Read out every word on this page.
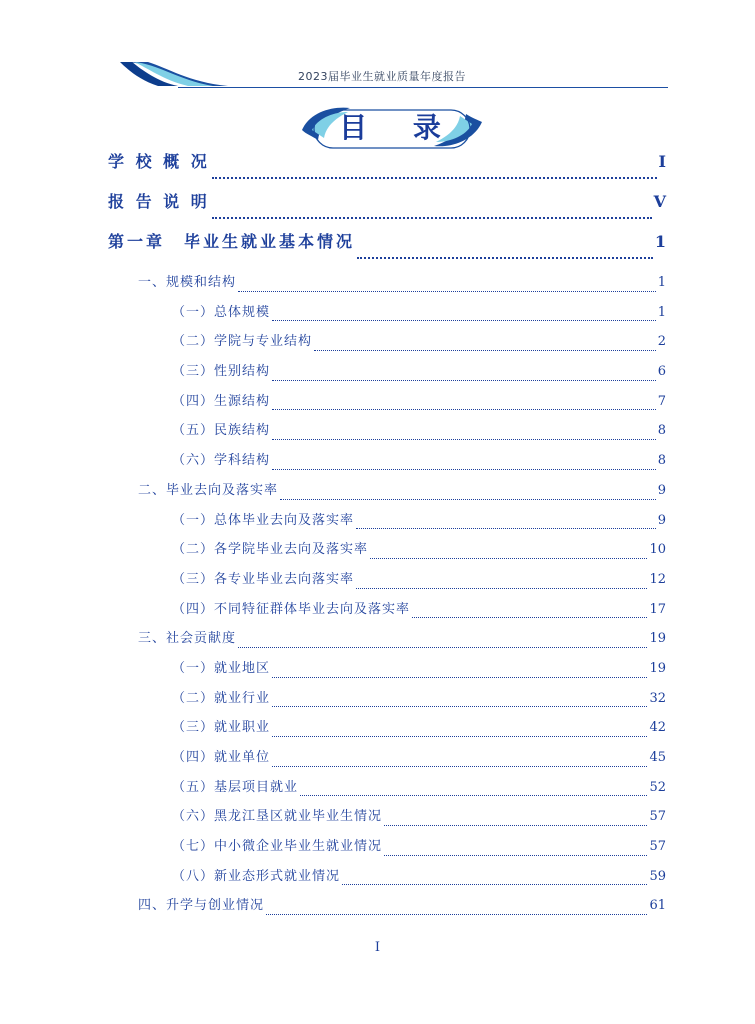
2023届毕业生就业质量年度报告
目 录
学 校 概 况	I
报 告 说 明	V
第一章　毕业生就业基本情况	1
一、规模和结构	1
（一）总体规模	1
（二）学院与专业结构	2
（三）性别结构	6
（四）生源结构	7
（五）民族结构	8
（六）学科结构	8
二、毕业去向及落实率	9
（一）总体毕业去向及落实率	9
（二）各学院毕业去向及落实率	10
（三）各专业毕业去向落实率	12
（四）不同特征群体毕业去向及落实率	17
三、社会贡献度	19
（一）就业地区	19
（二）就业行业	32
（三）就业职业	42
（四）就业单位	45
（五）基层项目就业	52
（六）黑龙江垦区就业毕业生情况	57
（七）中小微企业毕业生就业情况	57
（八）新业态形式就业情况	59
四、升学与创业情况	61
I
